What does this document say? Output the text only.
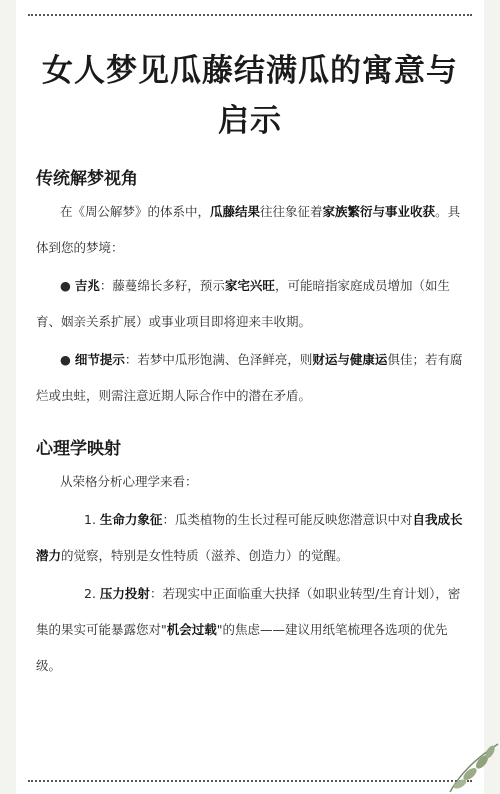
女人梦见瓜藤结满瓜的寓意与启示
传统解梦视角
在《周公解梦》的体系中，瓜藤结果往往象征着家族繁衍与事业收获。具体到您的梦境：
● 吉兆：藤蔓绵长多籽，预示家宅兴旺，可能暗指家庭成员增加（如生育、姻亲关系扩展）或事业项目即将迎来丰收期。
● 细节提示：若梦中瓜形饱满、色泽鲜亮，则财运与健康运俱佳；若有腐烂或虫蛀，则需注意近期人际合作中的潜在矛盾。
心理学映射
从荣格分析心理学来看：
1. 生命力象征：瓜类植物的生长过程可能反映您潜意识中对自我成长潜力的觉察，特别是女性特质（滋养、创造力）的觉醒。
2. 压力投射：若现实中正面临重大抉择（如职业转型/生育计划），密集的果实可能暴露您对"机会过载"的焦虑——建议用纸笔梳理各选项的优先级。
